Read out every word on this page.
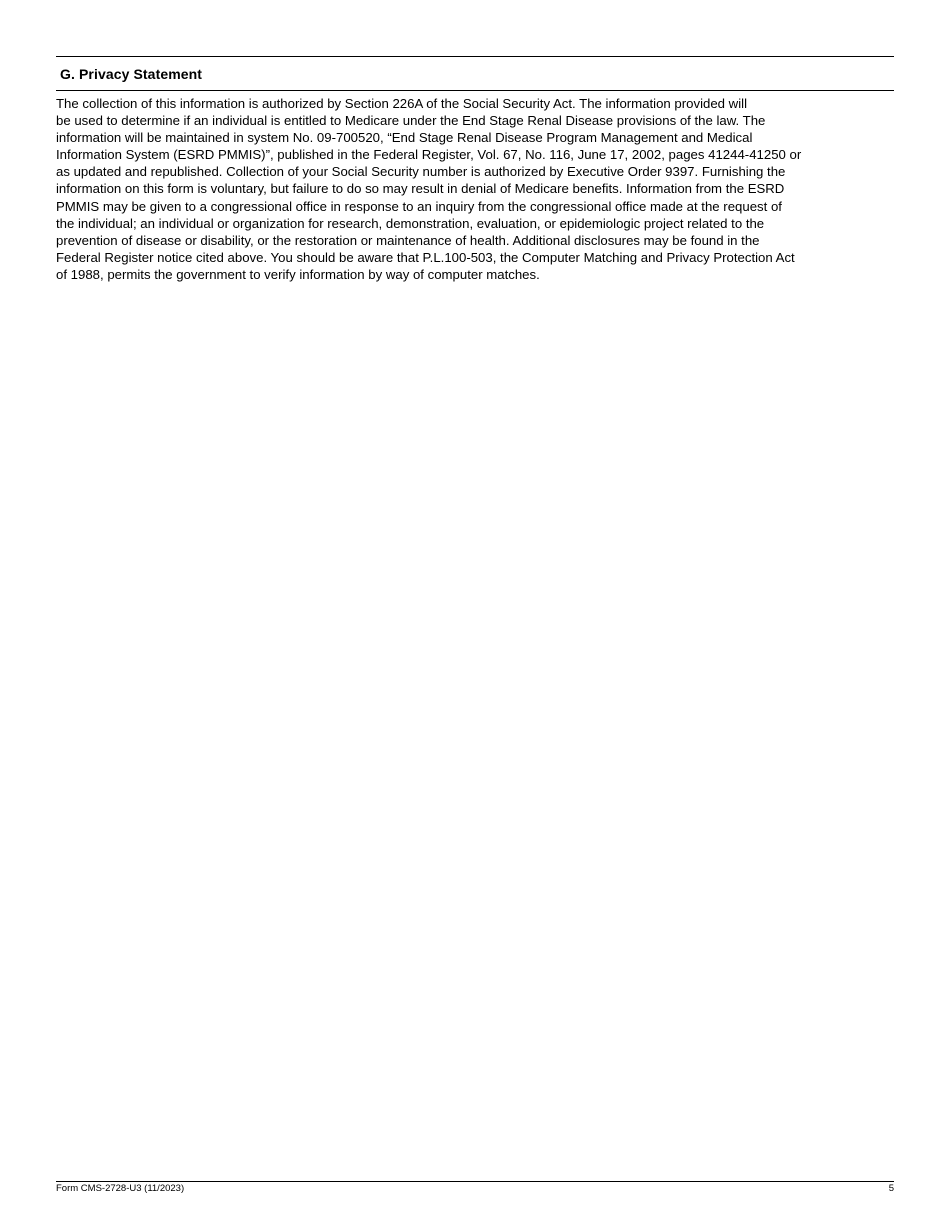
G. Privacy Statement

The collection of this information is authorized by Section 226A of the Social Security Act. The information provided will
be used to determine if an individual is entitled to Medicare under the End Stage Renal Disease provisions of the law. The
information will be maintained in system No. 09-700520, “End Stage Renal Disease Program Management and Medical
Information System (ESRD PMMIS)”, published in the Federal Register, Vol. 67, No. 116, June 17, 2002, pages 41244-41250 or
as updated and republished. Collection of your Social Security number is authorized by Executive Order 9397. Furnishing the
information on this form is voluntary, but failure to do so may result in denial of Medicare benefits. Information from the ESRD
PMMIS may be given to a congressional office in response to an inquiry from the congressional office made at the request of
the individual; an individual or organization for research, demonstration, evaluation, or epidemiologic project related to the
prevention of disease or disability, or the restoration or maintenance of health. Additional disclosures may be found in the
Federal Register notice cited above. You should be aware that P.L.100-503, the Computer Matching and Privacy Protection Act
of 1988, permits the government to verify information by way of computer matches.

Form CMS-2728-U3 (11/2023)	5
